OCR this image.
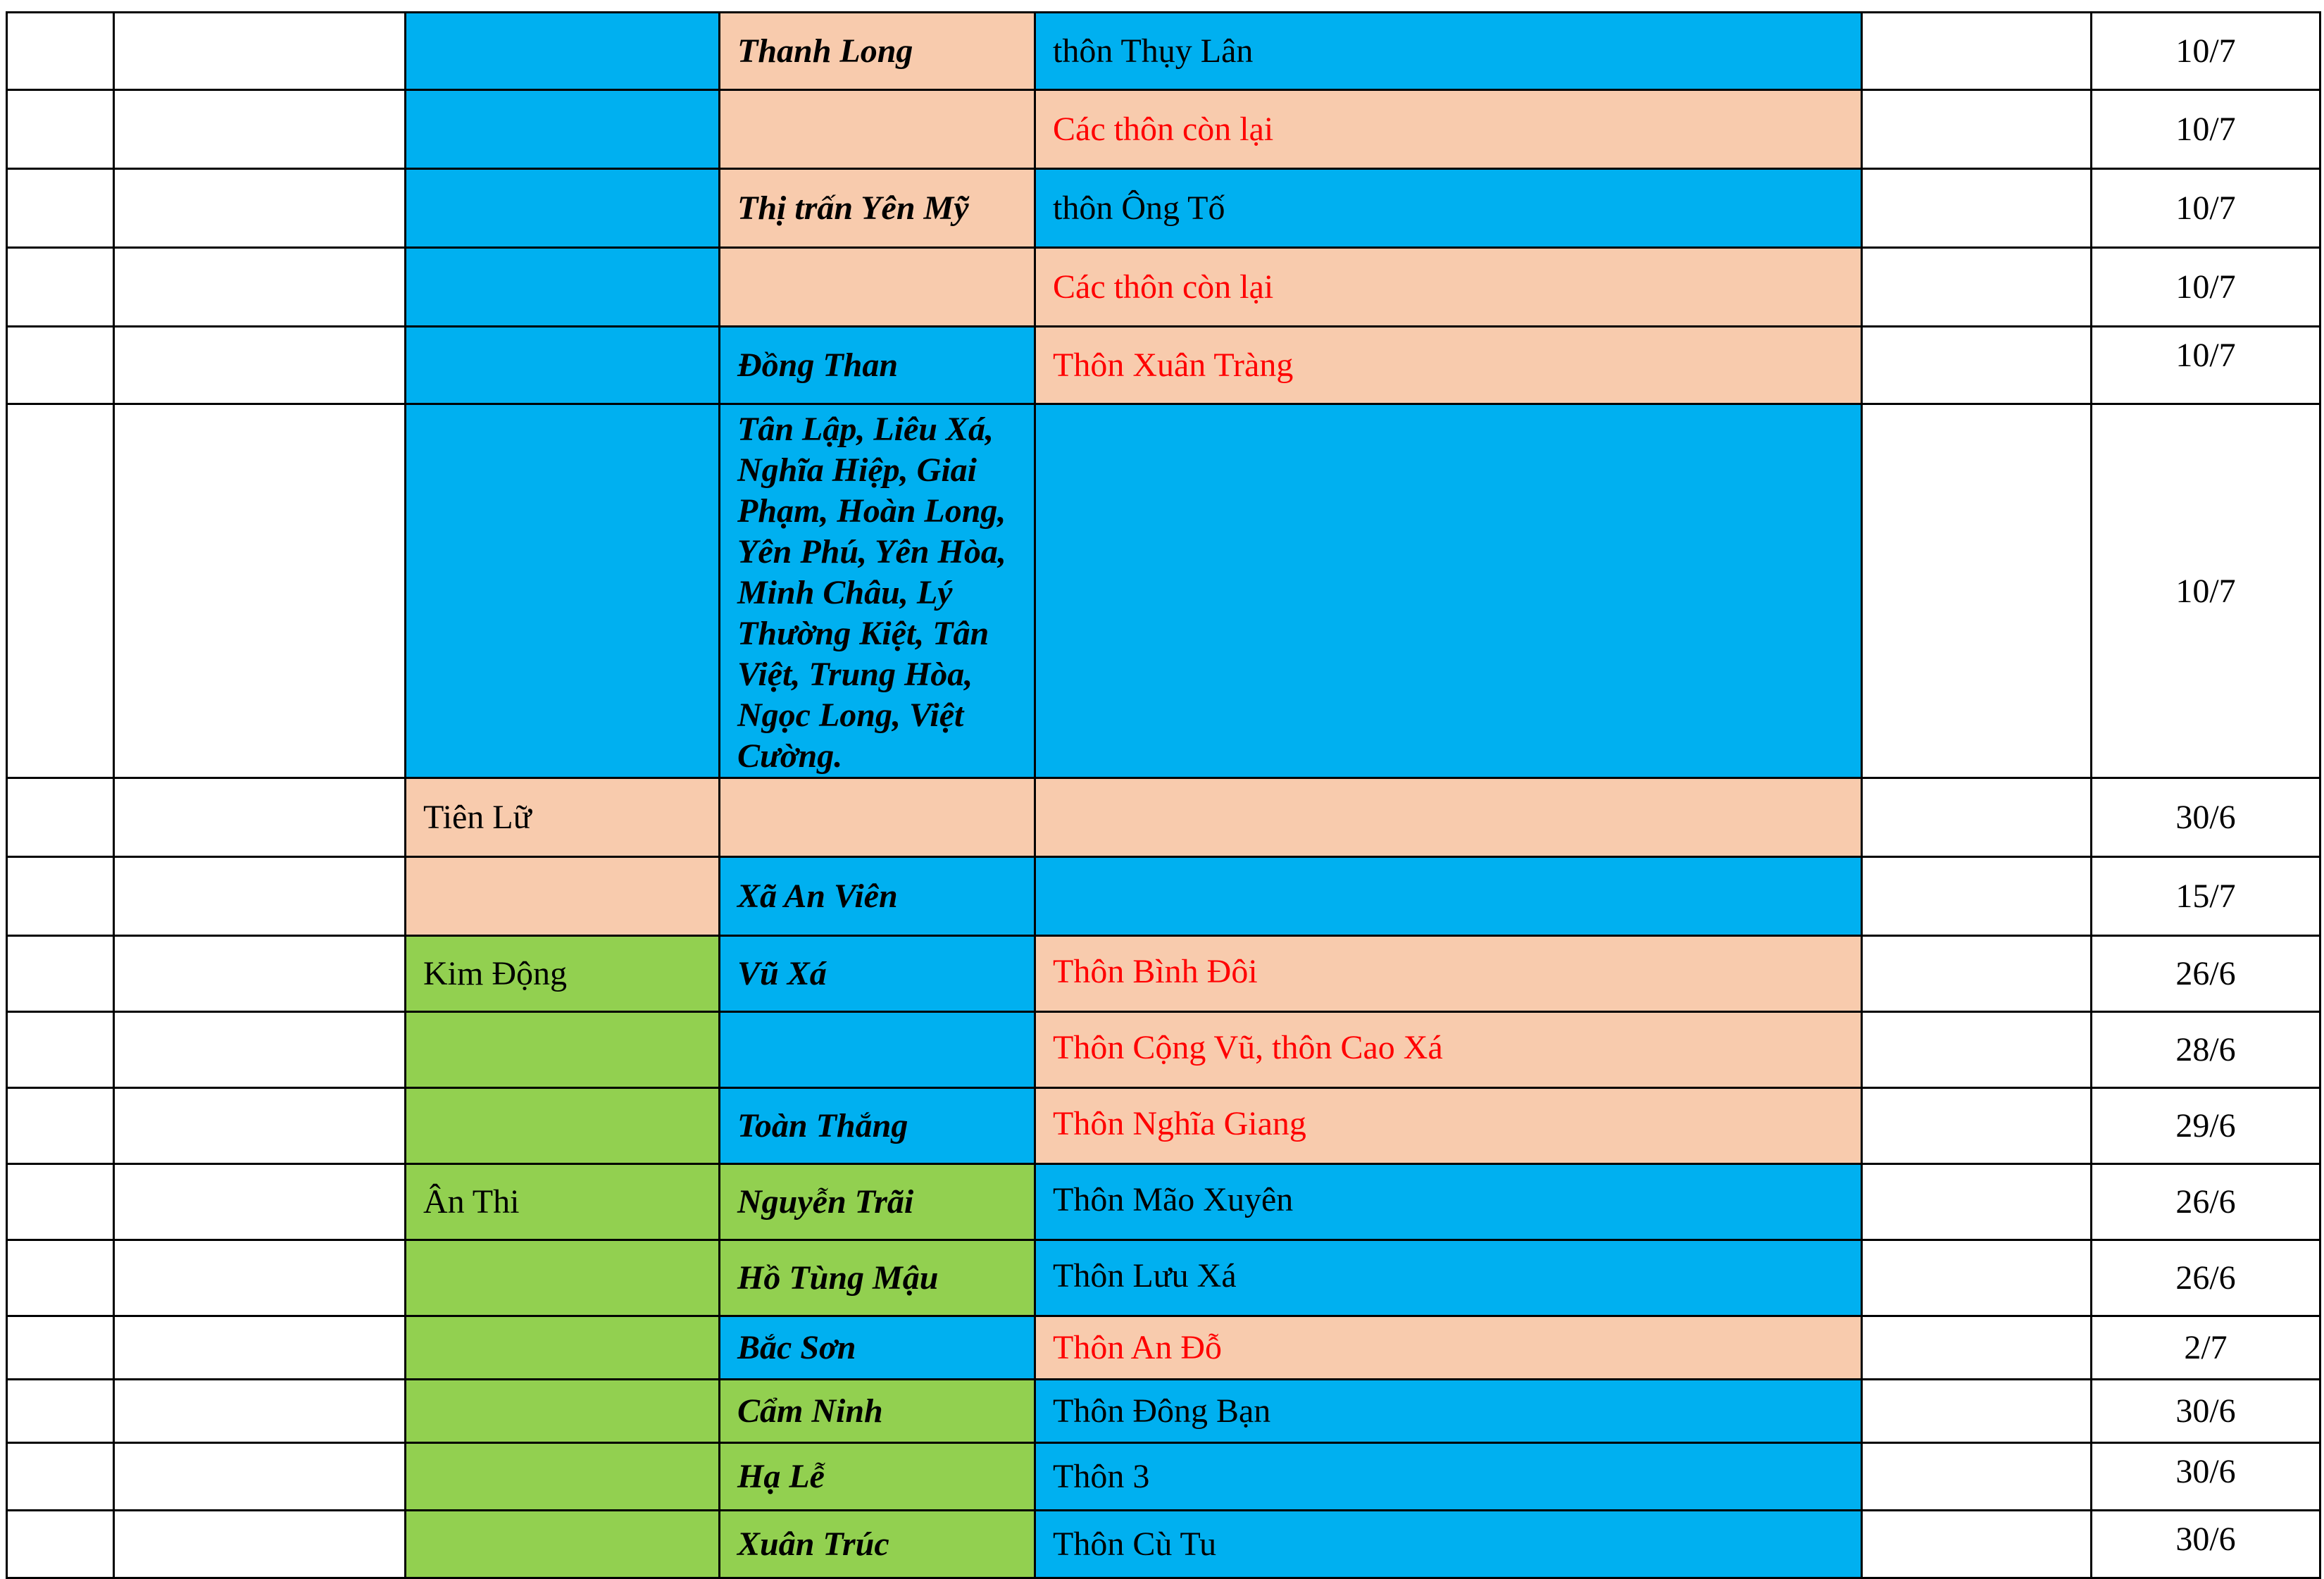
			Thanh Long	thôn Thụy Lân		10/7
				Các thôn còn lại		10/7
			Thị trấn Yên Mỹ	thôn Ông Tố		10/7
				Các thôn còn lại		10/7
			Đồng Than	Thôn Xuân Tràng		10/7
			Tân Lập, Liêu Xá, Nghĩa Hiệp, Giai Phạm, Hoàn Long, Yên Phú, Yên Hòa, Minh Châu, Lý Thường Kiệt, Tân Việt, Trung Hòa, Ngọc Long, Việt Cường.			10/7
		Tiên Lữ				30/6
			Xã An Viên			15/7
		Kim Động	Vũ Xá	Thôn Bình Đôi		26/6
				Thôn Cộng Vũ, thôn Cao Xá		28/6
			Toàn Thắng	Thôn Nghĩa Giang		29/6
		Ân Thi	Nguyễn Trãi	Thôn Mão Xuyên		26/6
			Hồ Tùng Mậu	Thôn Lưu Xá		26/6
			Bắc Sơn	Thôn An Đỗ		2/7
			Cẩm Ninh	Thôn Đông Bạn		30/6
			Hạ Lễ	Thôn 3		30/6
			Xuân Trúc	Thôn Cù Tu		30/6
